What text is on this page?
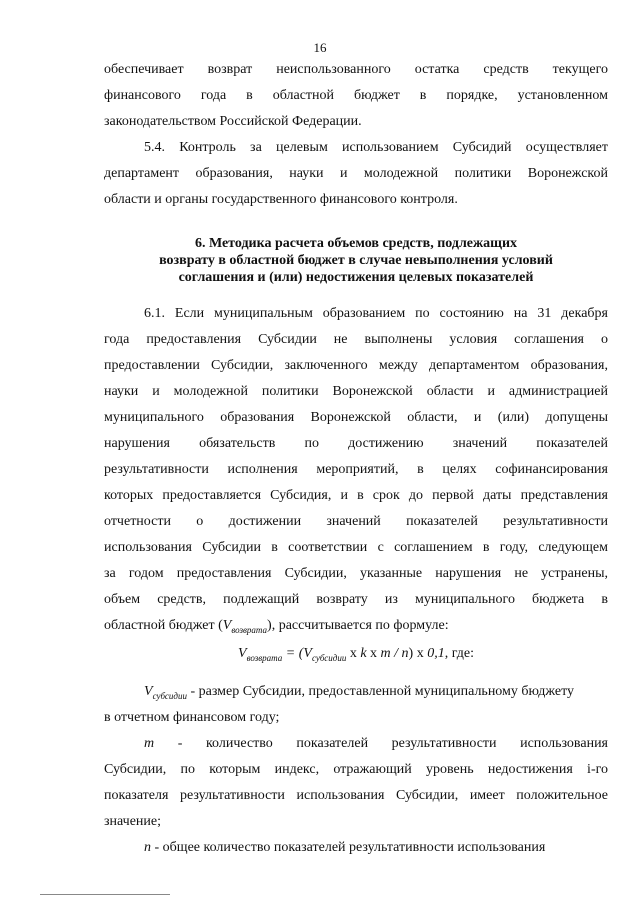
16
обеспечивает возврат неиспользованного остатка средств текущего
финансового года в областной бюджет в порядке, установленном
законодательством Российской Федерации.
5.4. Контроль за целевым использованием Субсидий осуществляет
департамент образования, науки и молодежной политики Воронежской
области и органы государственного финансового контроля.
6. Методика расчета объемов средств, подлежащих
возврату в областной бюджет в случае невыполнения условий
соглашения и (или) недостижения целевых показателей
6.1. Если муниципальным образованием по состоянию на 31 декабря
года предоставления Субсидии не выполнены условия соглашения о
предоставлении Субсидии, заключенного между департаментом образования,
науки и молодежной политики Воронежской области и администрацией
муниципального образования Воронежской области, и (или) допущены
нарушения обязательств по достижению значений показателей
результативности исполнения мероприятий, в целях софинансирования
которых предоставляется Субсидия, и в срок до первой даты представления
отчетности о достижении значений показателей результативности
использования Субсидии в соответствии с соглашением в году, следующем
за годом предоставления Субсидии, указанные нарушения не устранены,
объем средств, подлежащий возврату из муниципального бюджета в
областной бюджет $(V_{возврата})$, рассчитывается по формуле:
$V_{возврата} = (V_{субсидии}$ x k x m / n) x 0,1, где:
$V_{субсидии}$ - размер Субсидии, предоставленной муниципальному бюджету
в отчетном финансовом году;
m - количество показателей результативности использования
Субсидии, по которым индекс, отражающий уровень недостижения i-го
показателя результативности использования Субсидии, имеет положительное
значение;
n - общее количество показателей результативности использования
